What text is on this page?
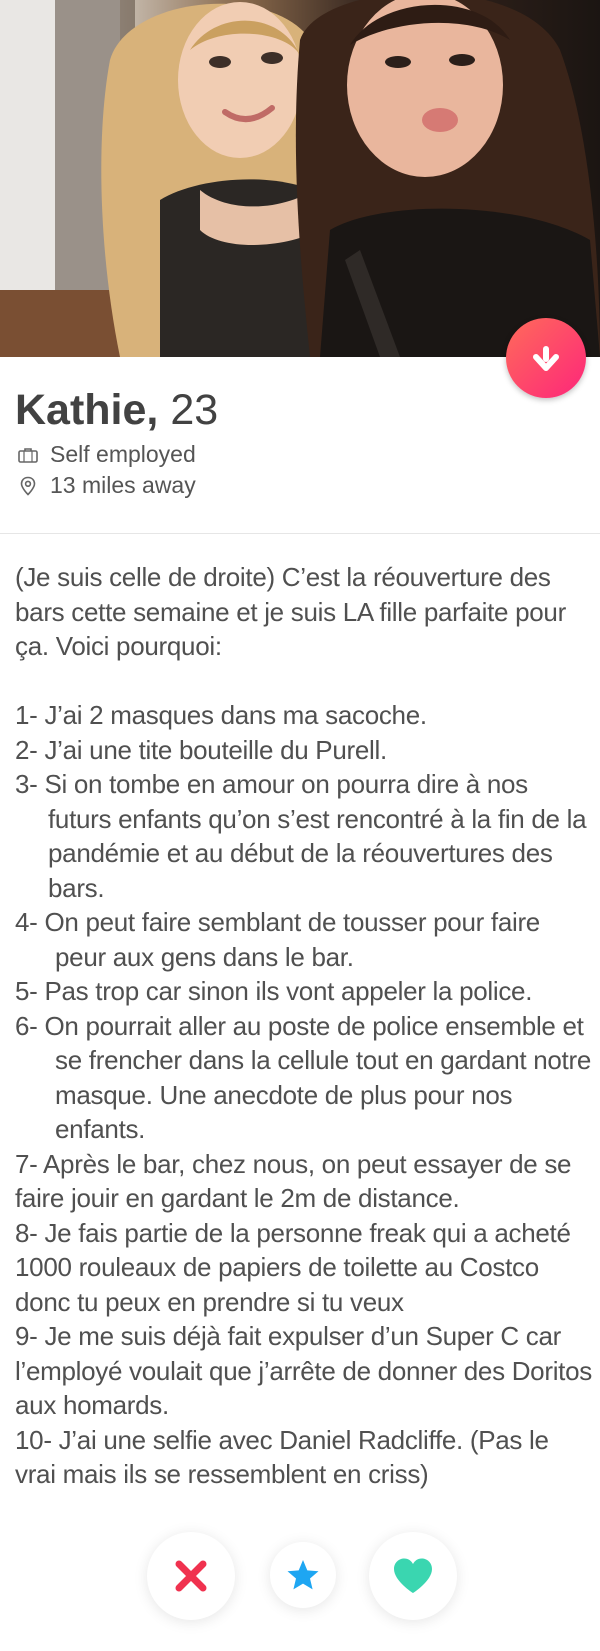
Kathie, 23
Self employed
13 miles away

(Je suis celle de droite) C’est la réouverture des bars cette semaine et je suis LA fille parfaite pour ça. Voici pourquoi:

1- J’ai 2 masques dans ma sacoche.

2- J’ai une tite bouteille du Purell.

3- Si on tombe en amour on pourra dire à nos futurs enfants qu’on s’est rencontré à la fin de la pandémie et au début de la réouvertures des bars.

4- On peut faire semblant de tousser pour faire peur aux gens dans le bar.

5- Pas trop car sinon ils vont appeler la police.

6- On pourrait aller au poste de police ensemble et se frencher dans la cellule tout en gardant notre masque. Une anecdote de plus pour nos enfants.

7- Après le bar, chez nous, on peut essayer de se faire jouir en gardant le 2m de distance.

8- Je fais partie de la personne freak qui a acheté 1000 rouleaux de papiers de toilette au Costco donc tu peux en prendre si tu veux

9- Je me suis déjà fait expulser d’un Super C car l’employé voulait que j’arrête de donner des Doritos aux homards.

10- J’ai une selfie avec Daniel Radcliffe. (Pas le vrai mais ils se ressemblent en criss)
